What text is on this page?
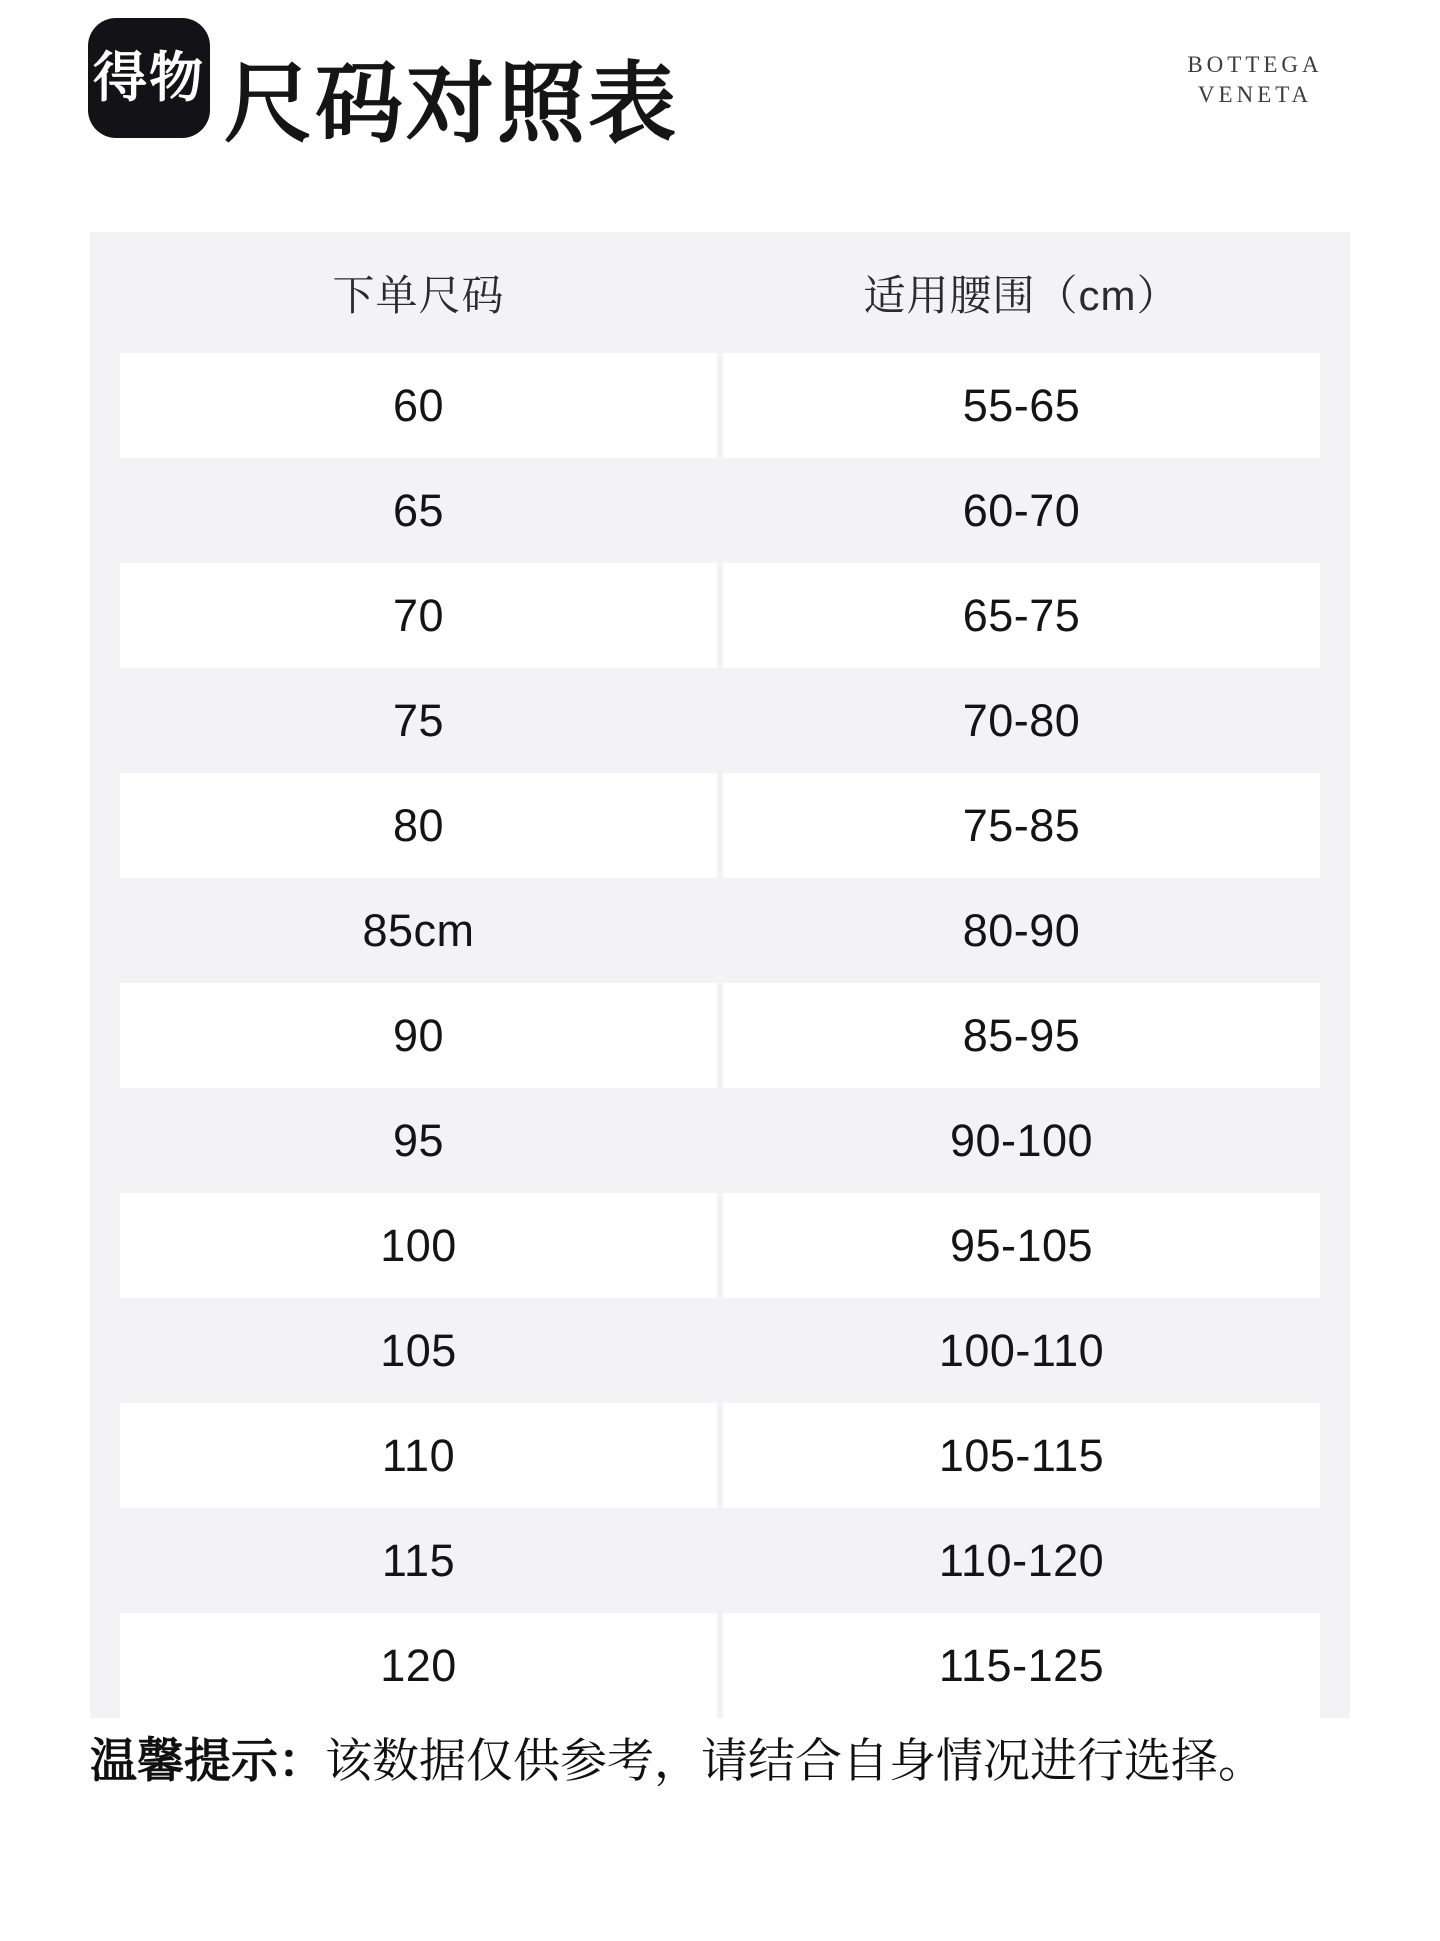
得物 尺码对照表	BOTTEGA
VENETA
下单尺码	适用腰围（cm）
60	55-65
65	60-70
70	65-75
75	70-80
80	75-85
85cm	80-90
90	85-95
95	90-100
100	95-105
105	100-110
110	105-115
115	110-120
120	115-125
温馨提示：该数据仅供参考，请结合自身情况进行选择。
